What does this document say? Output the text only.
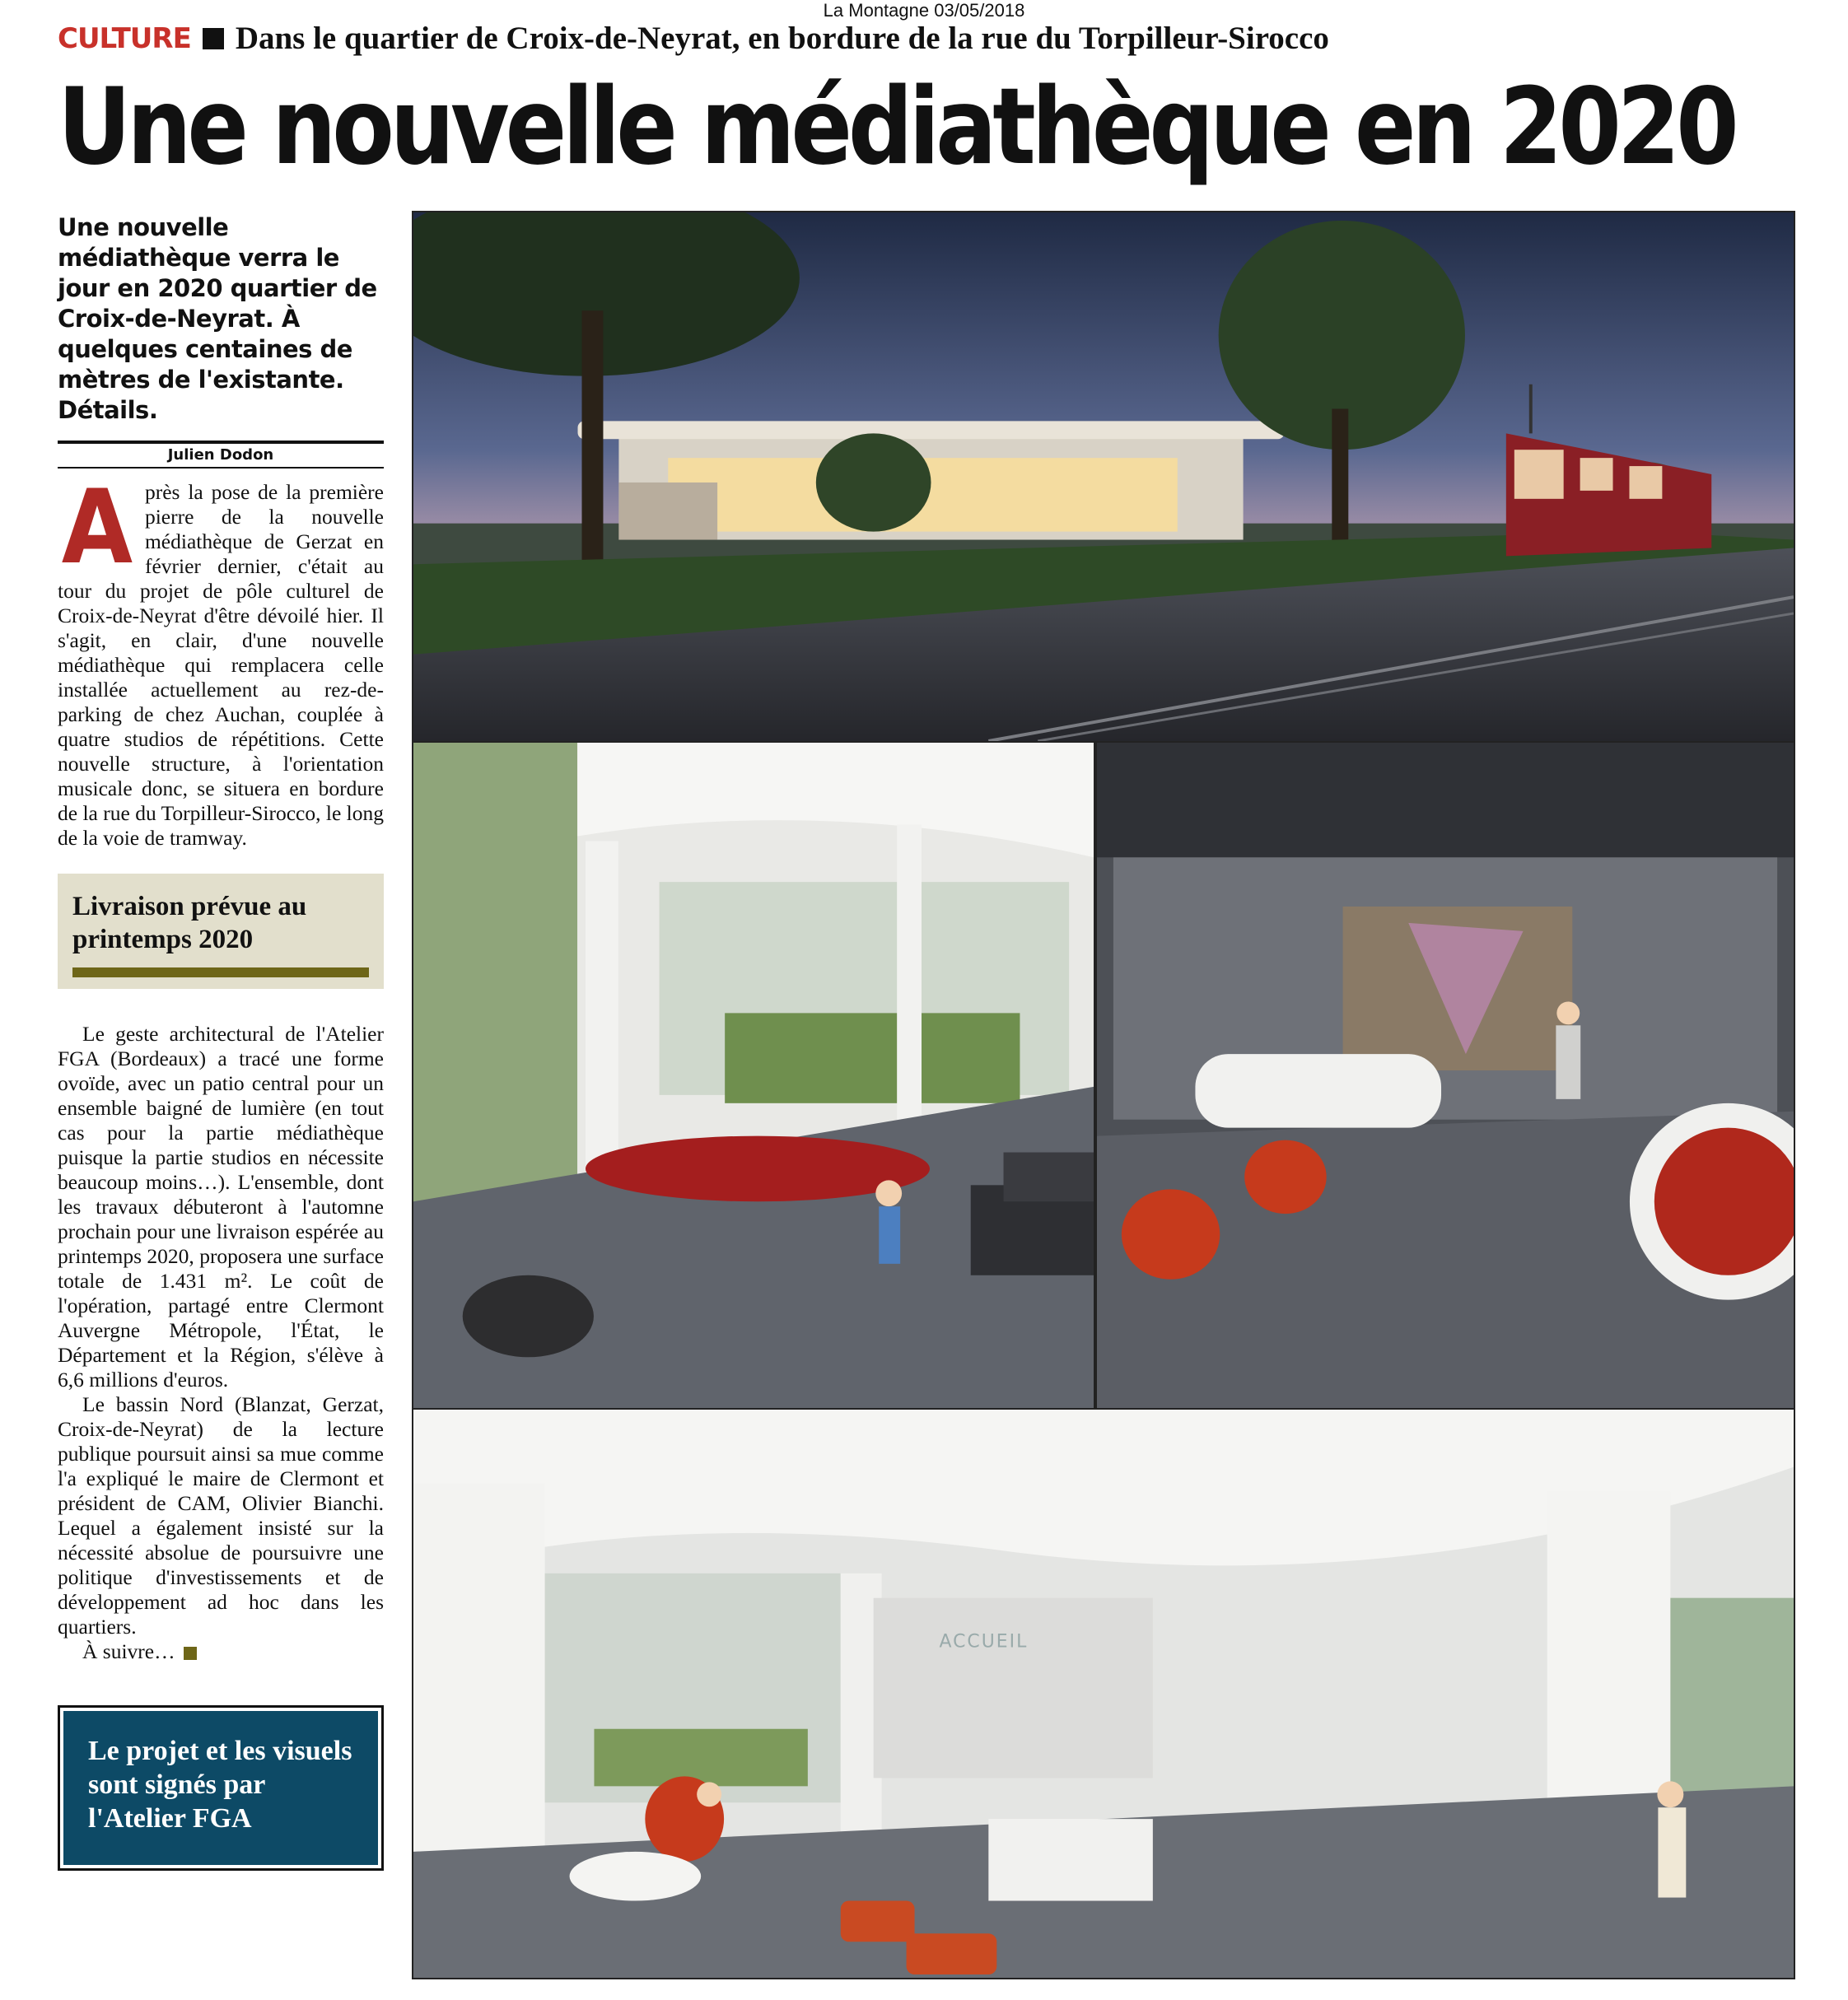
La Montagne 03/05/2018
CULTURE Dans le quartier de Croix-de-Neyrat, en bordure de la rue du Torpilleur-Sirocco
Une nouvelle médiathèque en 2020

Une nouvelle médiathèque verra le jour en 2020 quartier de Croix-de-Neyrat. À quelques centaines de mètres de l'existante. Détails.

Julien Dodon

Après la pose de la première pierre de la nouvelle médiathèque de Gerzat en février dernier, c'était au tour du projet de pôle culturel de Croix-de-Neyrat d'être dévoilé hier. Il s'agit, en clair, d'une nouvelle médiathèque qui remplacera celle installée actuellement au rez-de-parking de chez Auchan, couplée à quatre studios de répétitions. Cette nouvelle structure, à l'orientation musicale donc, se situera en bordure de la rue du Torpilleur-Sirocco, le long de la voie de tramway.

Livraison prévue au printemps 2020

Le geste architectural de l'Atelier FGA (Bordeaux) a tracé une forme ovoïde, avec un patio central pour un ensemble baigné de lumière (en tout cas pour la partie médiathèque puisque la partie studios en nécessite beaucoup moins…). L'ensemble, dont les travaux débuteront à l'automne prochain pour une livraison espérée au printemps 2020, proposera une surface totale de 1.431 m². Le coût de l'opération, partagé entre Clermont Auvergne Métropole, l'État, le Département et la Région, s'élève à 6,6 millions d'euros.

Le bassin Nord (Blanzat, Gerzat, Croix-de-Neyrat) de la lecture publique poursuit ainsi sa mue comme l'a expliqué le maire de Clermont et président de CAM, Olivier Bianchi. Lequel a également insisté sur la nécessité absolue de poursuivre une politique d'investissements et de développement ad hoc dans les quartiers.

À suivre…

Le projet et les visuels sont signés par l'Atelier FGA
ACCUEIL
